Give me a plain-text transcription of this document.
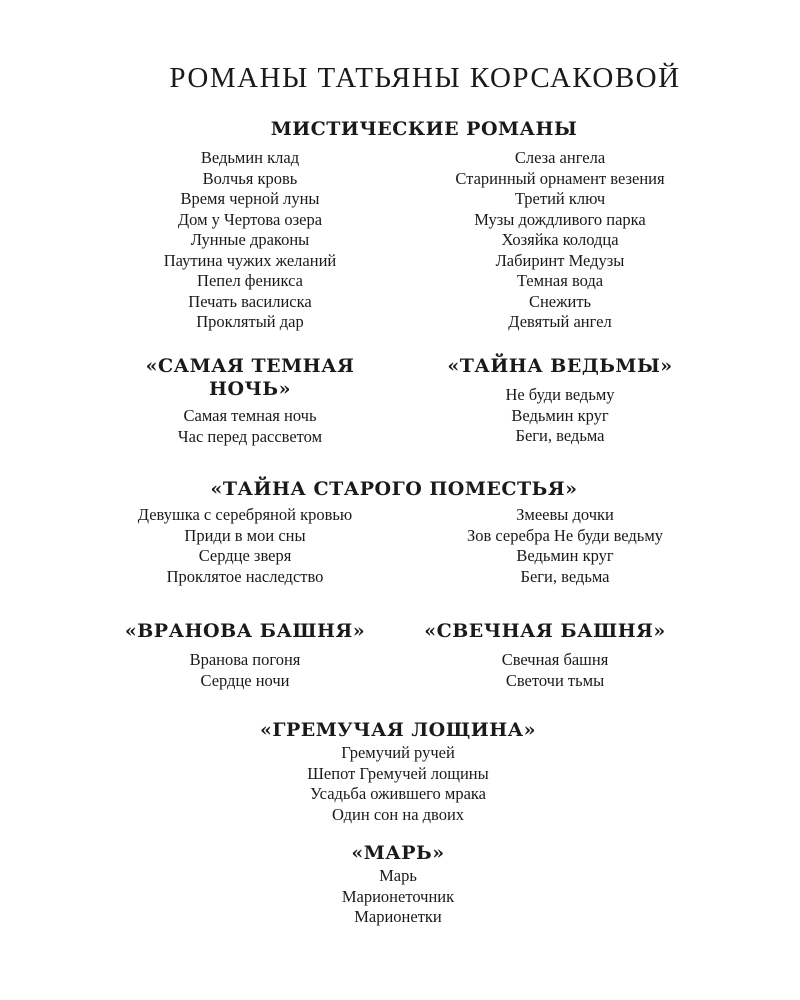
РОМАНЫ ТАТЬЯНЫ КОРСАКОВОЙ
МИСТИЧЕСКИЕ РОМАНЫ
Ведьмин клад
Волчья кровь
Время черной луны
Дом у Чертова озера
Лунные драконы
Паутина чужих желаний
Пепел феникса
Печать василиска
Проклятый дар
Слеза ангела
Старинный орнамент везения
Третий ключ
Музы дождливого парка
Хозяйка колодца
Лабиринт Медузы
Темная вода
Снежить
Девятый ангел
«САМАЯ ТЕМНАЯ
НОЧЬ»
Самая темная ночь
Час перед рассветом
«ТАЙНА ВЕДЬМЫ»
Не буди ведьму
Ведьмин круг
Беги, ведьма
«ТАЙНА СТАРОГО ПОМЕСТЬЯ»
Девушка с серебряной кровью
Приди в мои сны
Сердце зверя
Проклятое наследство
Змеевы дочки
Зов серебра Не буди ведьму
Ведьмин круг
Беги, ведьма
«ВРАНОВА БАШНЯ»
Вранова погоня
Сердце ночи
«СВЕЧНАЯ БАШНЯ»
Свечная башня
Светочи тьмы
«ГРЕМУЧАЯ ЛОЩИНА»
Гремучий ручей
Шепот Гремучей лощины
Усадьба ожившего мрака
Один сон на двоих
«МАРЬ»
Марь
Марионеточник
Марионетки
